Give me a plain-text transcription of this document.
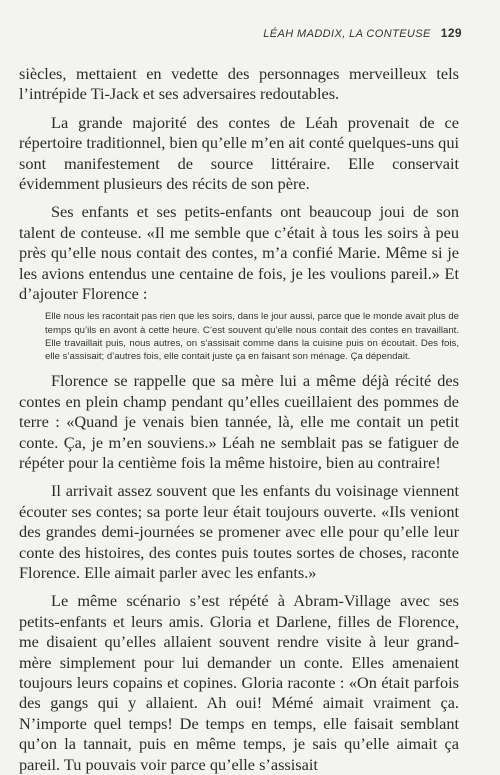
LÉAH MADDIX, LA CONTEUSE 129

siècles, mettaient en vedette des personnages merveilleux tels l’intrépide Ti-Jack et ses adversaires redoutables.

La grande majorité des contes de Léah provenait de ce répertoire traditionnel, bien qu’elle m’en ait conté quelques-uns qui sont manifestement de source littéraire. Elle conservait évidemment plusieurs des récits de son père.

Ses enfants et ses petits-enfants ont beaucoup joui de son talent de conteuse. «Il me semble que c’était à tous les soirs à peu près qu’elle nous contait des contes, m’a confié Marie. Même si je les avions entendus une centaine de fois, je les voulions pareil.» Et d’ajouter Florence :

Elle nous les racontait pas rien que les soirs, dans le jour aussi, parce que le monde avait plus de temps qu’ils en avont à cette heure. C’est souvent qu’elle nous contait des contes en travaillant. Elle travaillait puis, nous autres, on s’assisait comme dans la cuisine puis on écoutait. Des fois, elle s’assisait; d’autres fois, elle contait juste ça en faisant son ménage. Ça dépendait.

Florence se rappelle que sa mère lui a même déjà récité des contes en plein champ pendant qu’elles cueillaient des pommes de terre : «Quand je venais bien tannée, là, elle me contait un petit conte. Ça, je m’en souviens.» Léah ne semblait pas se fatiguer de répéter pour la centième fois la même histoire, bien au contraire!

Il arrivait assez souvent que les enfants du voisinage viennent écouter ses contes; sa porte leur était toujours ouverte. «Ils veniont des grandes demi-journées se promener avec elle pour qu’elle leur conte des histoires, des contes puis toutes sortes de choses, raconte Florence. Elle aimait parler avec les enfants.»

Le même scénario s’est répété à Abram-Village avec ses petits-enfants et leurs amis. Gloria et Darlene, filles de Florence, me disaient qu’elles allaient souvent rendre visite à leur grand-mère simplement pour lui demander un conte. Elles amenaient toujours leurs copains et copines. Gloria raconte : «On était parfois des gangs qui y allaient. Ah oui! Mémé aimait vraiment ça. N’importe quel temps! De temps en temps, elle faisait semblant qu’on la tannait, puis en même temps, je sais qu’elle aimait ça pareil. Tu pouvais voir parce qu’elle s’assisait
